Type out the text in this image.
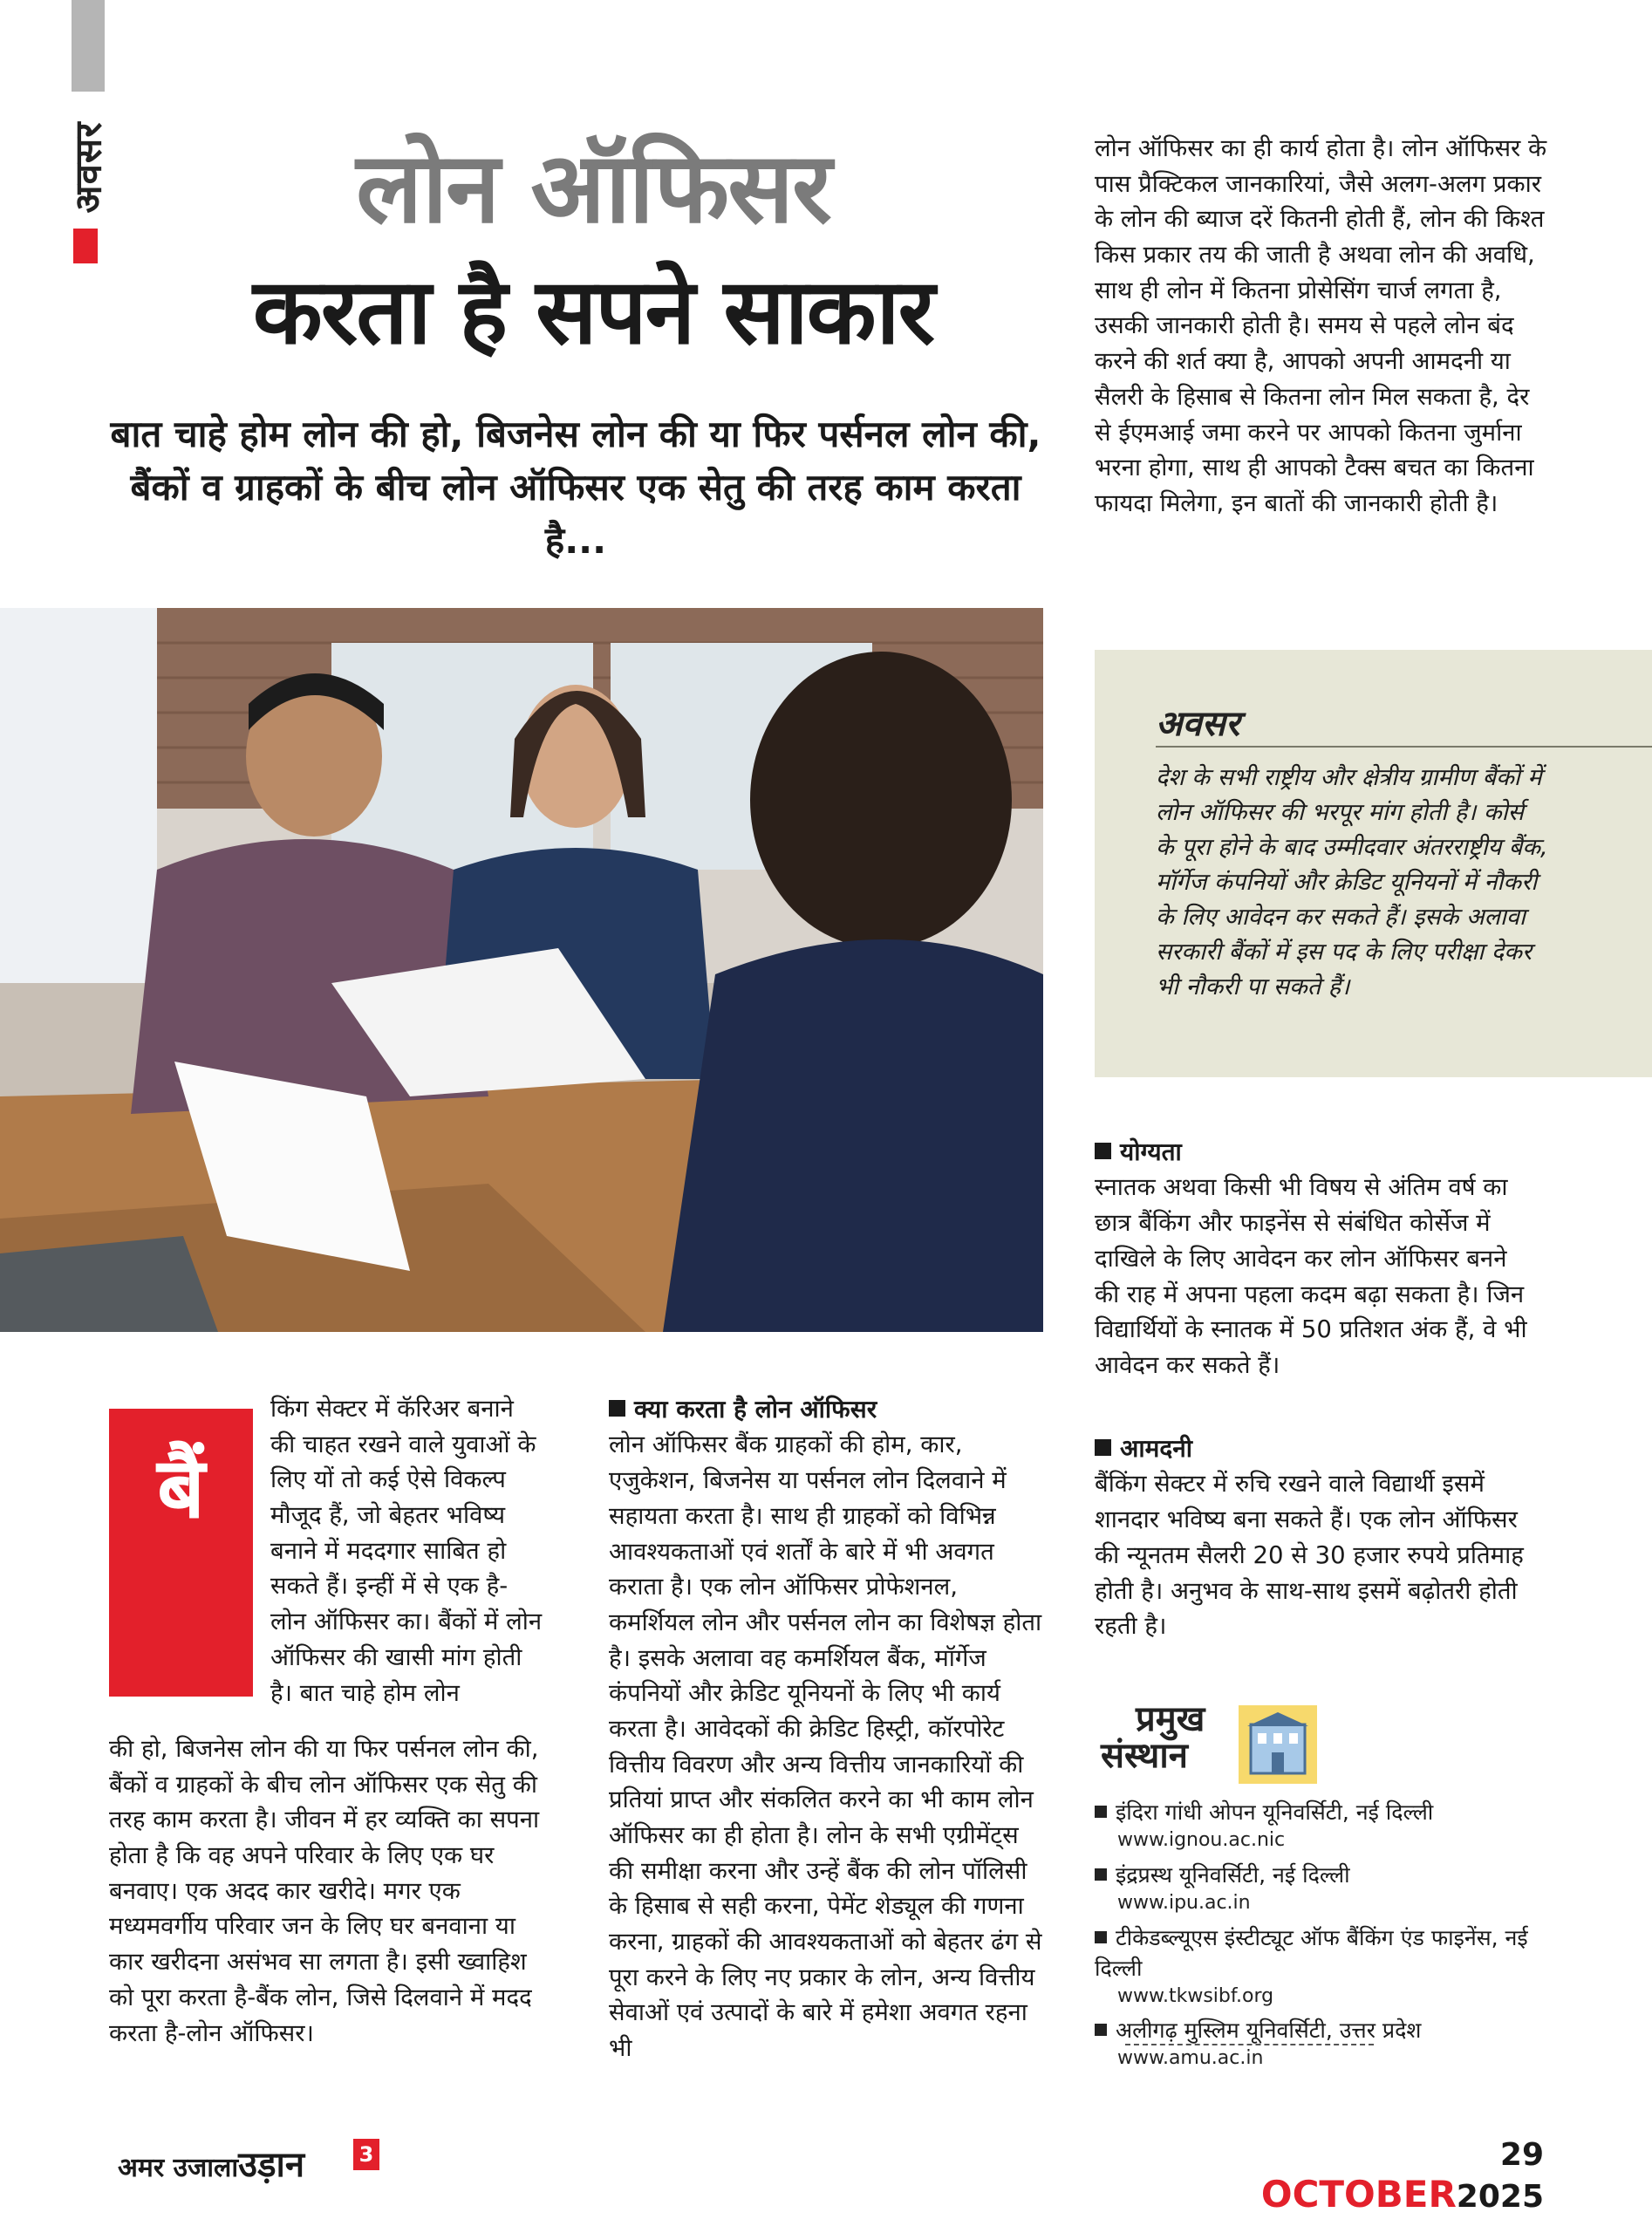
अवसर	लोन ऑफिसर
करता है सपने साकार
बात चाहे होम लोन की हो, बिजनेस लोन की या फिर पर्सनल लोन की, बैंकों व ग्राहकों के बीच लोन ऑफिसर एक सेतु की तरह काम करता है...
बैं
किंग सेक्टर में कॅरिअर बनाने की चाहत रखने वाले युवाओं के लिए यों तो कई ऐसे विकल्प मौजूद हैं, जो बेहतर भविष्य बनाने में मददगार साबित हो सकते हैं। इन्हीं में से एक है- लोन ऑफिसर का। बैंकों में लोन ऑफिसर की खासी मांग होती है। बात चाहे होम लोन
की हो, बिजनेस लोन की या फिर पर्सनल लोन की, बैंकों व ग्राहकों के बीच लोन ऑफिसर एक सेतु की तरह काम करता है। जीवन में हर व्यक्ति का सपना होता है कि वह अपने परिवार के लिए एक घर बनवाए। एक अदद कार खरीदे। मगर एक मध्यमवर्गीय परिवार जन के लिए घर बनवाना या कार खरीदना असंभव सा लगता है। इसी ख्वाहिश को पूरा करता है-बैंक लोन, जिसे दिलवाने में मदद करता है-लोन ऑफिसर।
क्या करता है लोन ऑफिसर
लोन ऑफिसर बैंक ग्राहकों की होम, कार, एजुकेशन, बिजनेस या पर्सनल लोन दिलवाने में सहायता करता है। साथ ही ग्राहकों को विभिन्न आवश्यकताओं एवं शर्तों के बारे में भी अवगत कराता है। एक लोन ऑफिसर प्रोफेशनल, कमर्शियल लोन और पर्सनल लोन का विशेषज्ञ होता है। इसके अलावा वह कमर्शियल बैंक, मॉर्गेज कंपनियों और क्रेडिट यूनियनों के लिए भी कार्य करता है। आवेदकों की क्रेडिट हिस्ट्री, कॉरपोरेट वित्तीय विवरण और अन्य वित्तीय जानकारियों की प्रतियां प्राप्त और संकलित करने का भी काम लोन ऑफिसर का ही होता है। लोन के सभी एग्रीमेंट्स की समीक्षा करना और उन्हें बैंक की लोन पॉलिसी के हिसाब से सही करना, पेमेंट शेड्यूल की गणना करना, ग्राहकों की आवश्यकताओं को बेहतर ढंग से पूरा करने के लिए नए प्रकार के लोन, अन्य वित्तीय सेवाओं एवं उत्पादों के बारे में हमेशा अवगत रहना भी
लोन ऑफिसर का ही कार्य होता है। लोन ऑफिसर के पास प्रैक्टिकल जानकारियां, जैसे अलग-अलग प्रकार के लोन की ब्याज दरें कितनी होती हैं, लोन की किश्त किस प्रकार तय की जाती है अथवा लोन की अवधि, साथ ही लोन में कितना प्रोसेसिंग चार्ज लगता है, उसकी जानकारी होती है। समय से पहले लोन बंद करने की शर्त क्या है, आपको अपनी आमदनी या सैलरी के हिसाब से कितना लोन मिल सकता है, देर से ईएमआई जमा करने पर आपको कितना जुर्माना भरना होगा, साथ ही आपको टैक्स बचत का कितना फायदा मिलेगा, इन बातों की जानकारी होती है।
अवसर
देश के सभी राष्ट्रीय और क्षेत्रीय ग्रामीण बैंकों में लोन ऑफिसर की भरपूर मांग होती है। कोर्स के पूरा होने के बाद उम्मीदवार अंतरराष्ट्रीय बैंक, मॉर्गेज कंपनियों और क्रेडिट यूनियनों में नौकरी के लिए आवेदन कर सकते हैं। इसके अलावा सरकारी बैंकों में इस पद के लिए परीक्षा देकर भी नौकरी पा सकते हैं।
योग्यता
स्नातक अथवा किसी भी विषय से अंतिम वर्ष का छात्र बैंकिंग और फाइनेंस से संबंधित कोर्सेज में दाखिले के लिए आवेदन कर लोन ऑफिसर बनने की राह में अपना पहला कदम बढ़ा सकता है। जिन विद्यार्थियों के स्नातक में 50 प्रतिशत अंक हैं, वे भी आवेदन कर सकते हैं।
आमदनी
बैंकिंग सेक्टर में रुचि रखने वाले विद्यार्थी इसमें शानदार भविष्य बना सकते हैं। एक लोन ऑफिसर की न्यूनतम सैलरी 20 से 30 हजार रुपये प्रतिमाह होती है। अनुभव के साथ-साथ इसमें बढ़ोतरी होती रहती है।
प्रमुख
संस्थान
इंदिरा गांधी ओपन यूनिवर्सिटी, नई दिल्ली
www.ignou.ac.nic
इंद्रप्रस्थ यूनिवर्सिटी, नई दिल्ली
www.ipu.ac.in
टीकेडब्ल्यूएस इंस्टीट्यूट ऑफ बैंकिंग एंड फाइनेंस, नई दिल्ली
www.tkwsibf.org
अलीगढ़ मुस्लिम यूनिवर्सिटी, उत्तर प्रदेश
www.amu.ac.in
अमर उजालाउड़ान	3	29 OCTOBER2025
